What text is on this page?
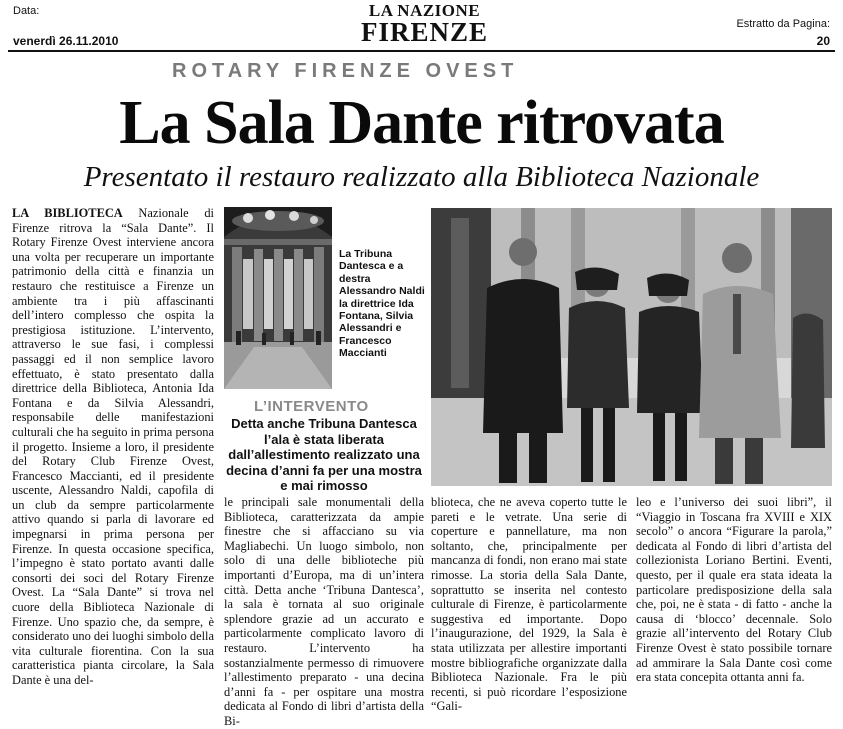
Data:
venerdì 26.11.2010
LA NAZIONE
FIRENZE	Estratto da Pagina:
20
ROTARY FIRENZE OVEST
La Sala Dante ritrovata
Presentato il restauro realizzato alla Biblioteca Nazionale

LA BIBLIOTECA Nazionale di Firenze ritrova la “Sala Dante”. Il Rotary Firenze Ovest interviene ancora una volta per recuperare un importante patrimonio della città e finanzia un restauro che restituisce a Firenze un ambiente tra i più affascinanti dell’intero complesso che ospita la prestigiosa istituzione. L’intervento, attraverso le sue fasi, i complessi passaggi ed il non semplice lavoro effettuato, è stato presentato dalla direttrice della Biblioteca, Antonia Ida Fontana e da Silvia Alessandri, responsabile delle manifestazioni culturali che ha seguito in prima persona il progetto. Insieme a loro, il presidente del Rotary Club Firenze Ovest, Francesco Maccianti, ed il presidente uscente, Alessandro Naldi, capofila di un club da sempre particolarmente attivo quando si parla di lavorare ed impegnarsi in prima persona per Firenze. In questa occasione specifica, l’impegno è stato portato avanti dalle consorti dei soci del Rotary Firenze Ovest. La “Sala Dante” si trova nel cuore della Biblioteca Nazionale di Firenze. Uno spazio che, da sempre, è considerato uno dei luoghi simbolo della vita culturale fiorentina. Con la sua caratteristica pianta circolare, la Sala Dante è una del-

La Tribuna Dantesca e a destra Alessandro Naldi la direttrice Ida Fontana, Silvia Alessandri e Francesco Maccianti
L’INTERVENTO
Detta anche Tribuna Dantesca l’ala è stata liberata dall’allestimento realizzato una decina d’anni fa per una mostra e mai rimosso

le principali sale monumentali della Biblioteca, caratterizzata da ampie finestre che si affacciano su via Magliabechi. Un luogo simbolo, non solo di una delle biblioteche più importanti d’Europa, ma di un’intera città. Detta anche ‘Tribuna Dantesca’, la sala è tornata al suo originale splendore grazie ad un accurato e particolarmente complicato lavoro di restauro. L’intervento ha sostanzialmente permesso di rimuovere l’allestimento preparato - una decina d’anni fa - per ospitare una mostra dedicata al Fondo di libri d’artista della Bi-

blioteca, che ne aveva coperto tutte le pareti e le vetrate. Una serie di coperture e pannellature, ma non soltanto, che, principalmente per mancanza di fondi, non erano mai state rimosse. La storia della Sala Dante, soprattutto se inserita nel contesto culturale di Firenze, è particolarmente suggestiva ed importante. Dopo l’inaugurazione, del 1929, la Sala è stata utilizzata per allestire importanti mostre bibliografiche organizzate dalla Biblioteca Nazionale. Fra le più recenti, si può ricordare l’esposizione “Gali-

leo e l’universo dei suoi libri”, il “Viaggio in Toscana fra XVIII e XIX secolo” o ancora “Figurare la parola,” dedicata al Fondo di libri d’artista del collezionista Loriano Bertini. Eventi, questo, per il quale era stata ideata la particolare predisposizione della sala che, poi, ne è stata - di fatto - anche la causa di ‘blocco’ decennale. Solo grazie all’intervento del Rotary Club Firenze Ovest è stato possibile tornare ad ammirare la Sala Dante così come era stata concepita ottanta anni fa.
